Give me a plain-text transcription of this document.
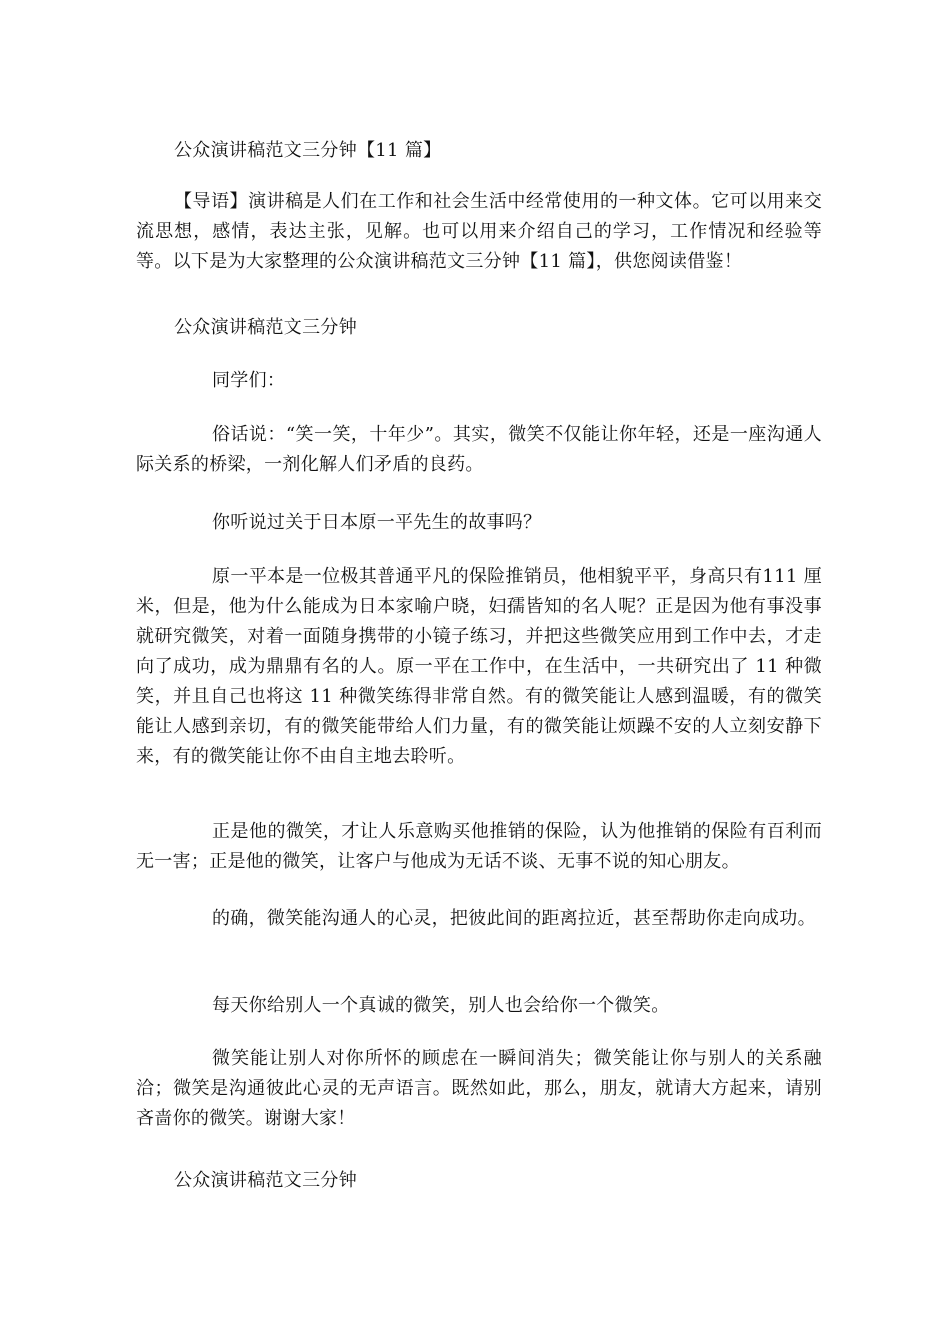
公众演讲稿范文三分钟【11 篇】

【导语】演讲稿是人们在工作和社会生活中经常使用的一种文体。它可以用来交流思想，感情，表达主张，见解。也可以用来介绍自己的学习，工作情况和经验等等。以下是为大家整理的公众演讲稿范文三分钟【11 篇】，供您阅读借鉴！

公众演讲稿范文三分钟

同学们：

俗话说：“笑一笑，十年少”。其实，微笑不仅能让你年轻，还是一座沟通人际关系的桥梁，一剂化解人们矛盾的良药。

你听说过关于日本原一平先生的故事吗？

原一平本是一位极其普通平凡的保险推销员，他相貌平平，身高只有111 厘米，但是，他为什么能成为日本家喻户晓，妇孺皆知的名人呢？正是因为他有事没事就研究微笑，对着一面随身携带的小镜子练习，并把这些微笑应用到工作中去，才走向了成功，成为鼎鼎有名的人。原一平在工作中，在生活中，一共研究出了 11 种微笑，并且自己也将这 11 种微笑练得非常自然。有的微笑能让人感到温暖，有的微笑能让人感到亲切，有的微笑能带给人们力量，有的微笑能让烦躁不安的人立刻安静下来，有的微笑能让你不由自主地去聆听。

正是他的微笑，才让人乐意购买他推销的保险，认为他推销的保险有百利而无一害；正是他的微笑，让客户与他成为无话不谈、无事不说的知心朋友。

的确，微笑能沟通人的心灵，把彼此间的距离拉近，甚至帮助你走向成功。

每天你给别人一个真诚的微笑，别人也会给你一个微笑。

微笑能让别人对你所怀的顾虑在一瞬间消失；微笑能让你与别人的关系融洽；微笑是沟通彼此心灵的无声语言。既然如此，那么，朋友，就请大方起来，请别吝啬你的微笑。谢谢大家！

公众演讲稿范文三分钟
